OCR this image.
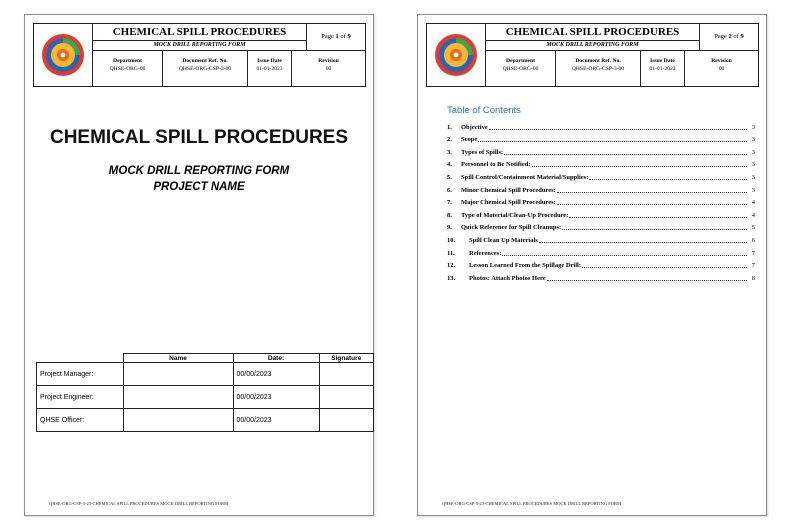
CHEMICAL SPILL PROCEDURES
MOCK DRILL REPORTING FORM
Page 1 of 9
Department
QHSE-ORG-00
Document Ref. No.
QHSE-ORG-CSP-3-00
Issue Date
01-01-2023
Revision
00
CHEMICAL SPILL PROCEDURES
MOCK DRILL REPORTING FORM
PROJECT NAME
	Name	Date:	Signature
Project Manager:		00/00/2023	
Project Engineer:		00/00/2023	
QHSE Officer:		00/00/2023	
QHSE-ORG-CSP-3-23-CHEMICAL SPILL PROCEDURES MOCK DRILL REPORTING FORM
CHEMICAL SPILL PROCEDURES
MOCK DRILL REPORTING FORM
Page 2 of 9
Department
QHSE-ORG-00
Document Ref. No.
QHSE-ORG-CSP-3-00
Issue Date
01-01-2023
Revision
00
Table of Contents
1.	Objective	3
2.	Scope	3
3.	Types of Spills:	3
4.	Personnel to Be Notified:	3
5.	Spill Control/Containment Material/Supplies:	3
6.	Minor Chemical Spill Procedures:	3
7.	Major Chemical Spill Procedures:	4
8.	Type of Material/Clean-Up Procedure:	4
9.	Quick Reference for Spill Cleanups:	5
10.	Spill Clean Up Materials	6
11.	References:	7
12.	Lesson Learned From the Spillage Drill:	7
13.	Photos: Attach Photos Here	8
QHSE-ORG-CSP-3-23-CHEMICAL SPILL PROCEDURES MOCK DRILL REPORTING FORM
